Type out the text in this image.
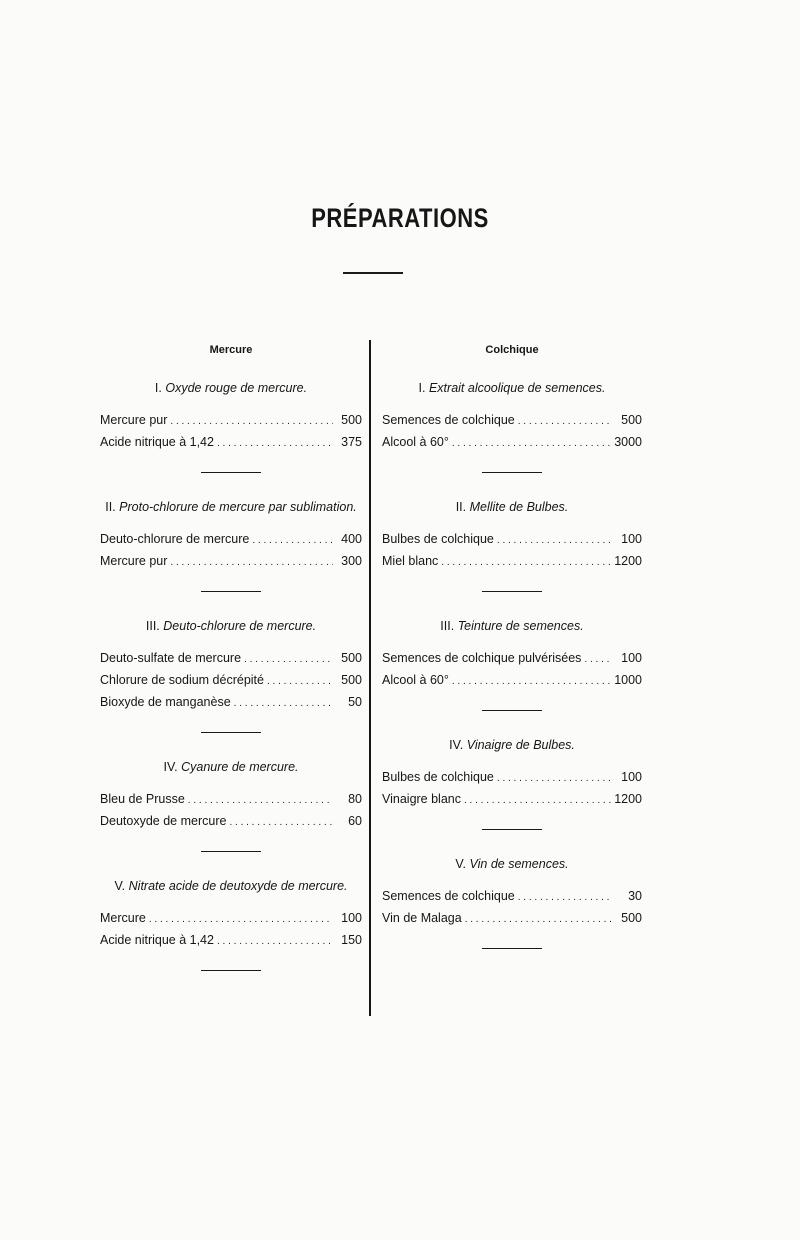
PRÉPARATIONS
Mercure
I. Oxyde rouge de mercure.
Mercure pur . . .	500
Acide nitrique à 1,42 . . .	375
II. Proto-chlorure de mercure par sublimation.
Deuto-chlorure de mercure . . .	400
Mercure pur . . .	300
III. Deuto-chlorure de mercure.
Deuto-sulfate de mercure . . .	500
Chlorure de sodium décrépité . . .	500
Bioxyde de manganèse . . .	50
IV. Cyanure de mercure.
Bleu de Prusse . . .	80
Deutoxyde de mercure . . .	60
V. Nitrate acide de deutoxyde de mercure.
Mercure . . .	100
Acide nitrique à 1,42 . . .	150
Colchique
I. Extrait alcoolique de semences.
Semences de colchique . . .	500
Alcool à 60° . . .	3000
II. Mellite de Bulbes.
Bulbes de colchique . . .	100
Miel blanc . . .	1200
III. Teinture de semences.
Semences de colchique pulvérisées . . .	100
Alcool à 60° . . .	1000
IV. Vinaigre de Bulbes.
Bulbes de colchique . . .	100
Vinaigre blanc . . .	1200
V. Vin de semences.
Semences de colchique . . .	30
Vin de Malaga . . .	500
